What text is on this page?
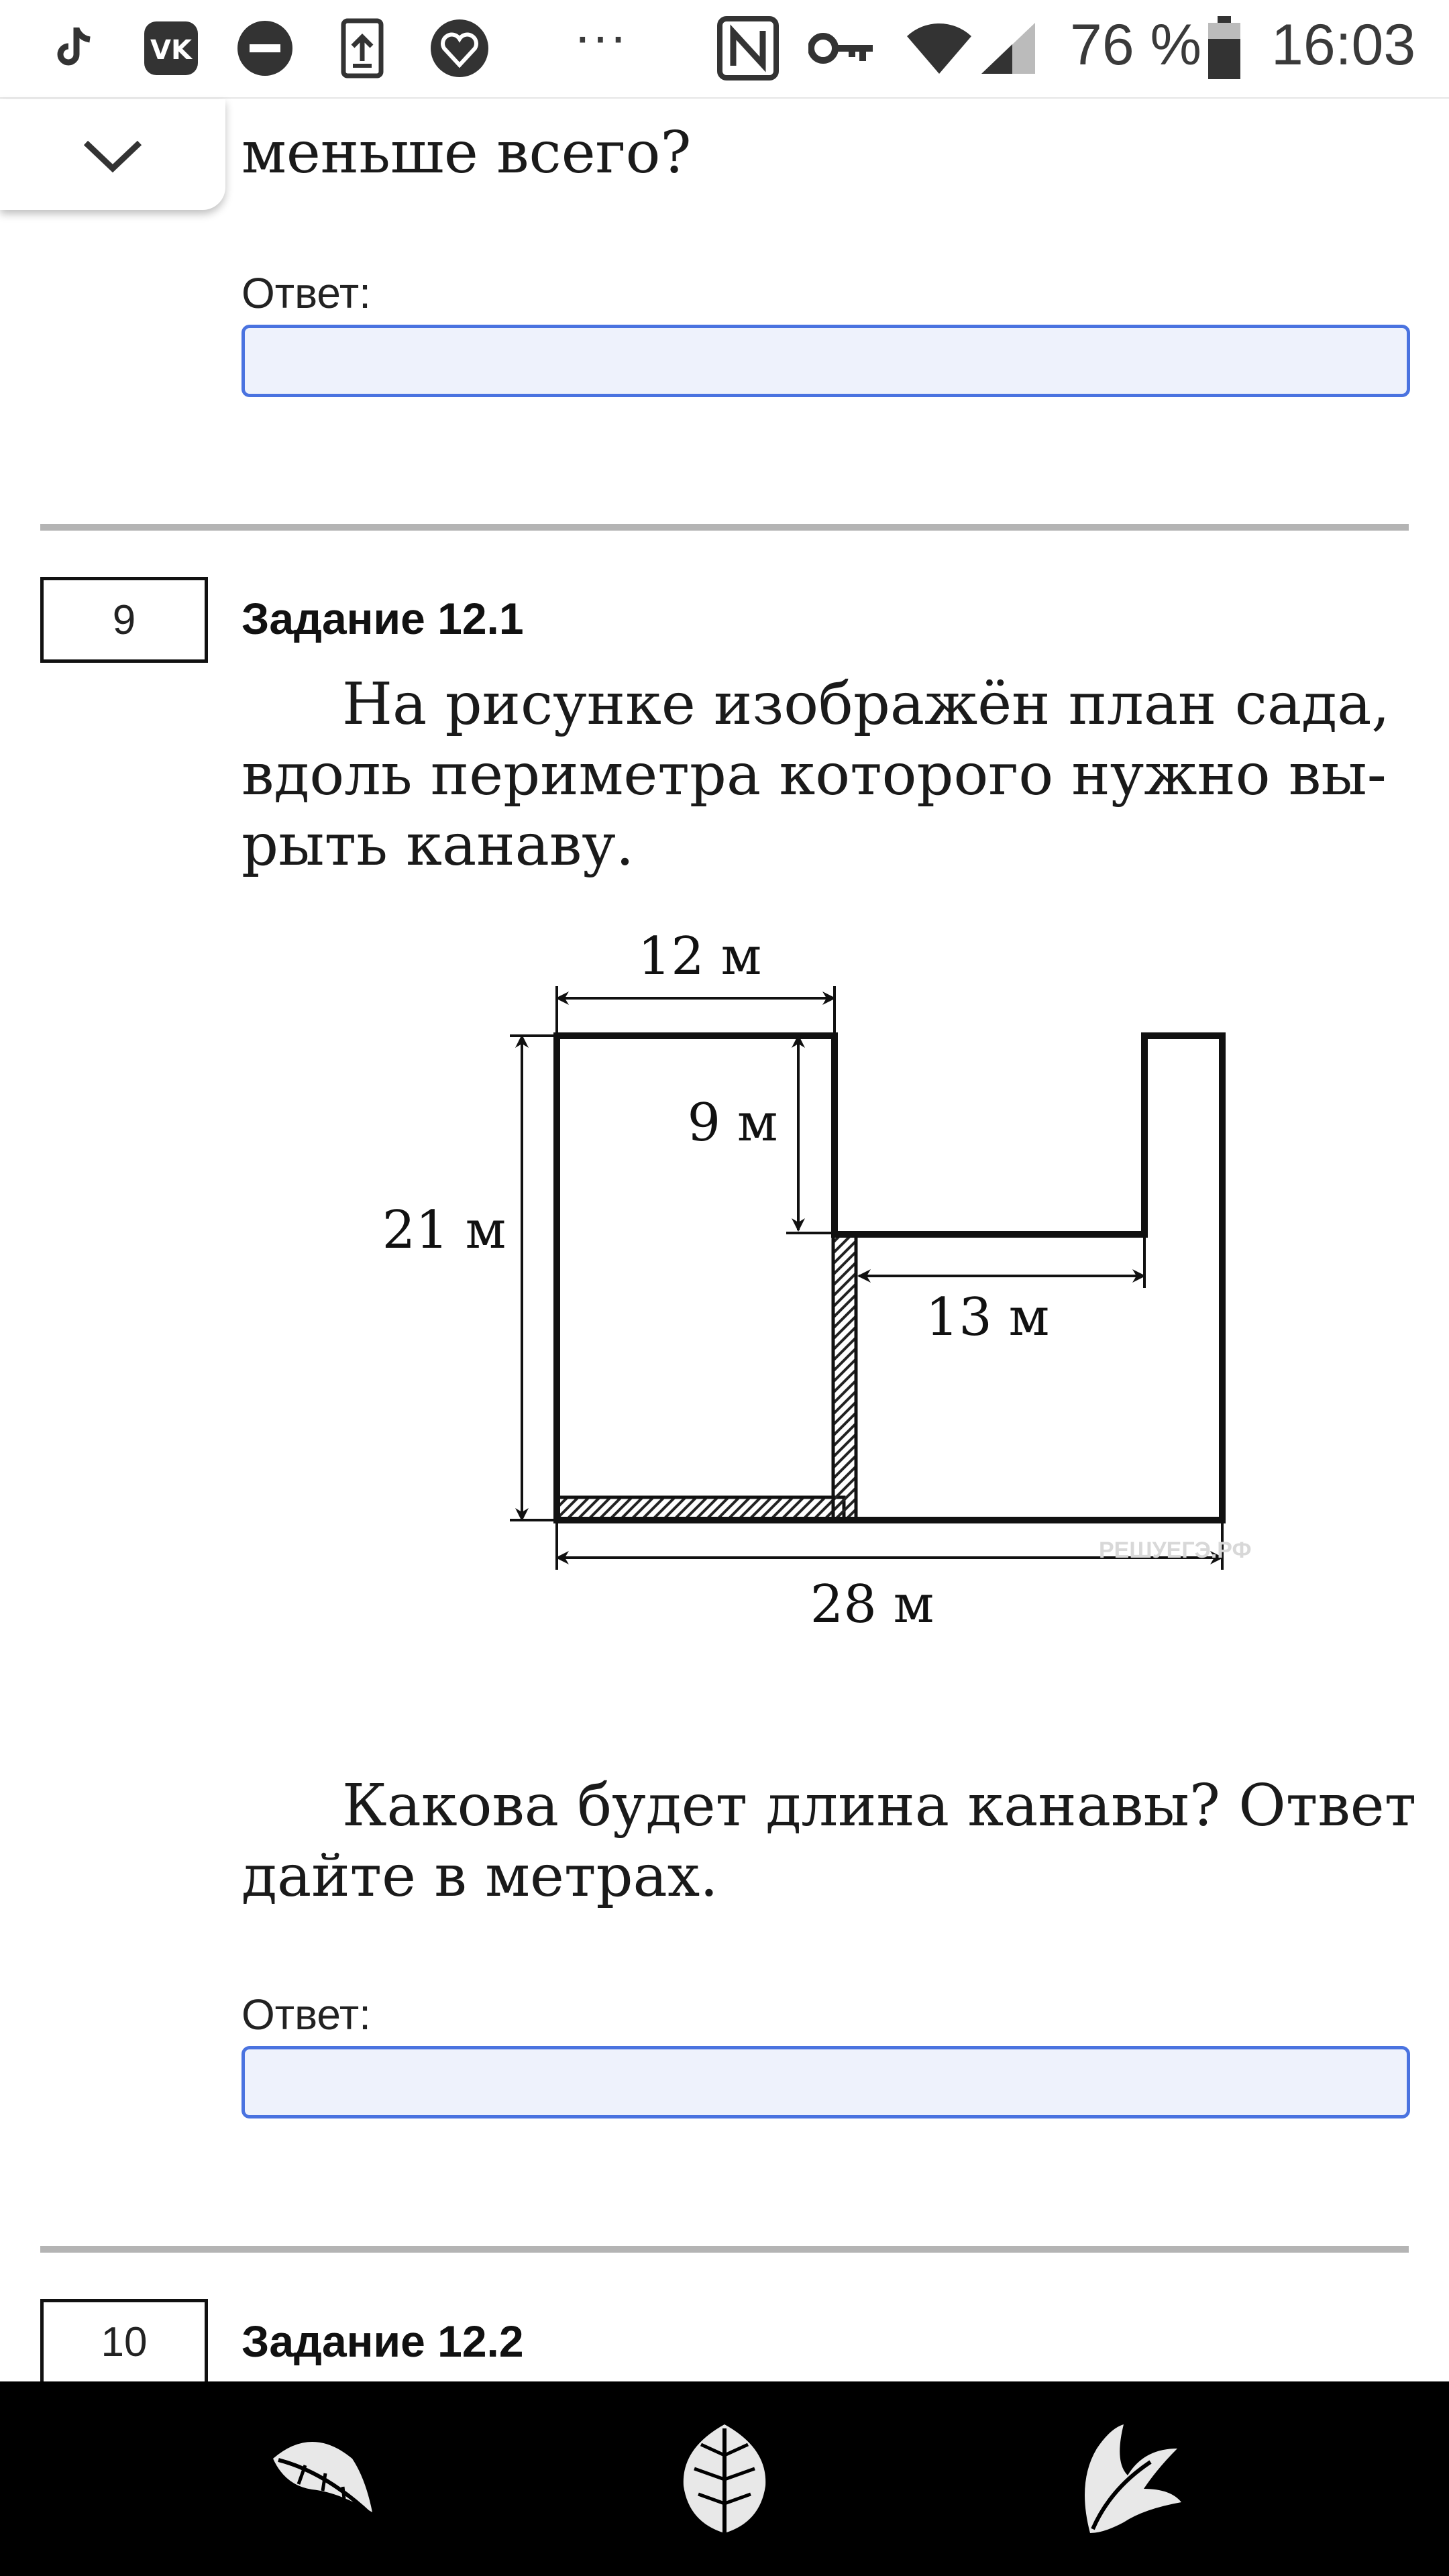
VK	···	76 % 16:03
меньше всего?
Ответ:
9	Задание 12.1
На рисунке изображён план сада,
вдоль периметра которого нужно вы-
рыть канаву.
12 м
9 м
21 м
13 м
28 м
РЕШУЕГЭ.РФ
Какова будет длина канавы? Ответ
дайте в метрах.
Ответ:
10	Задание 12.2
